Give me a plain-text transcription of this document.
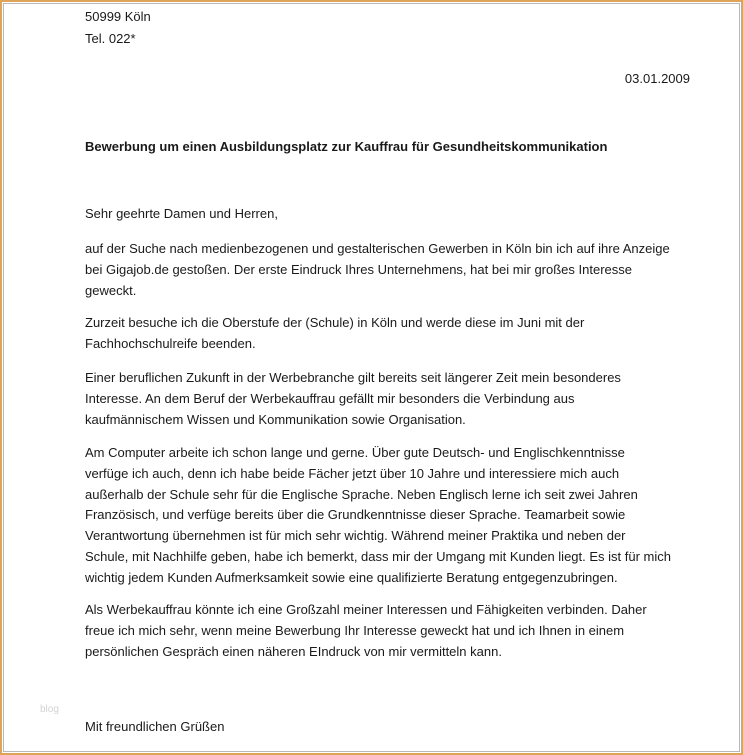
50999 Köln
Tel. 022*
03.01.2009
Bewerbung um einen Ausbildungsplatz zur Kauffrau für Gesundheitskommunikation
Sehr geehrte Damen und Herren,
auf der Suche nach medienbezogenen und gestalterischen Gewerben in Köln bin ich auf ihre Anzeige
bei Gigajob.de gestoßen. Der erste Eindruck Ihres Unternehmens, hat bei mir großes Interesse
geweckt.
Zurzeit besuche ich die Oberstufe der (Schule) in Köln und werde diese im Juni mit der
Fachhochschulreife beenden.
Einer beruflichen Zukunft in der Werbebranche gilt bereits seit längerer Zeit mein besonderes
Interesse. An dem Beruf der Werbekauffrau gefällt mir besonders die Verbindung aus
kaufmännischem Wissen und Kommunikation sowie Organisation.
Am Computer arbeite ich schon lange und gerne. Über gute Deutsch- und Englischkenntnisse
verfüge ich auch, denn ich habe beide Fächer jetzt über 10 Jahre und interessiere mich auch
außerhalb der Schule sehr für die Englische Sprache. Neben Englisch lerne ich seit zwei Jahren
Französisch, und verfüge bereits über die Grundkenntnisse dieser Sprache. Teamarbeit sowie
Verantwortung übernehmen ist für mich sehr wichtig. Während meiner Praktika und neben der
Schule, mit Nachhilfe geben, habe ich bemerkt, dass mir der Umgang mit Kunden liegt. Es ist für mich
wichtig jedem Kunden Aufmerksamkeit sowie eine qualifizierte Beratung entgegenzubringen.
Als Werbekauffrau könnte ich eine Großzahl meiner Interessen und Fähigkeiten verbinden. Daher
freue ich mich sehr, wenn meine Bewerbung Ihr Interesse geweckt hat und ich Ihnen in einem
persönlichen Gespräch einen näheren EIndruck von mir vermitteln kann.
blog
Mit freundlichen Grüßen
